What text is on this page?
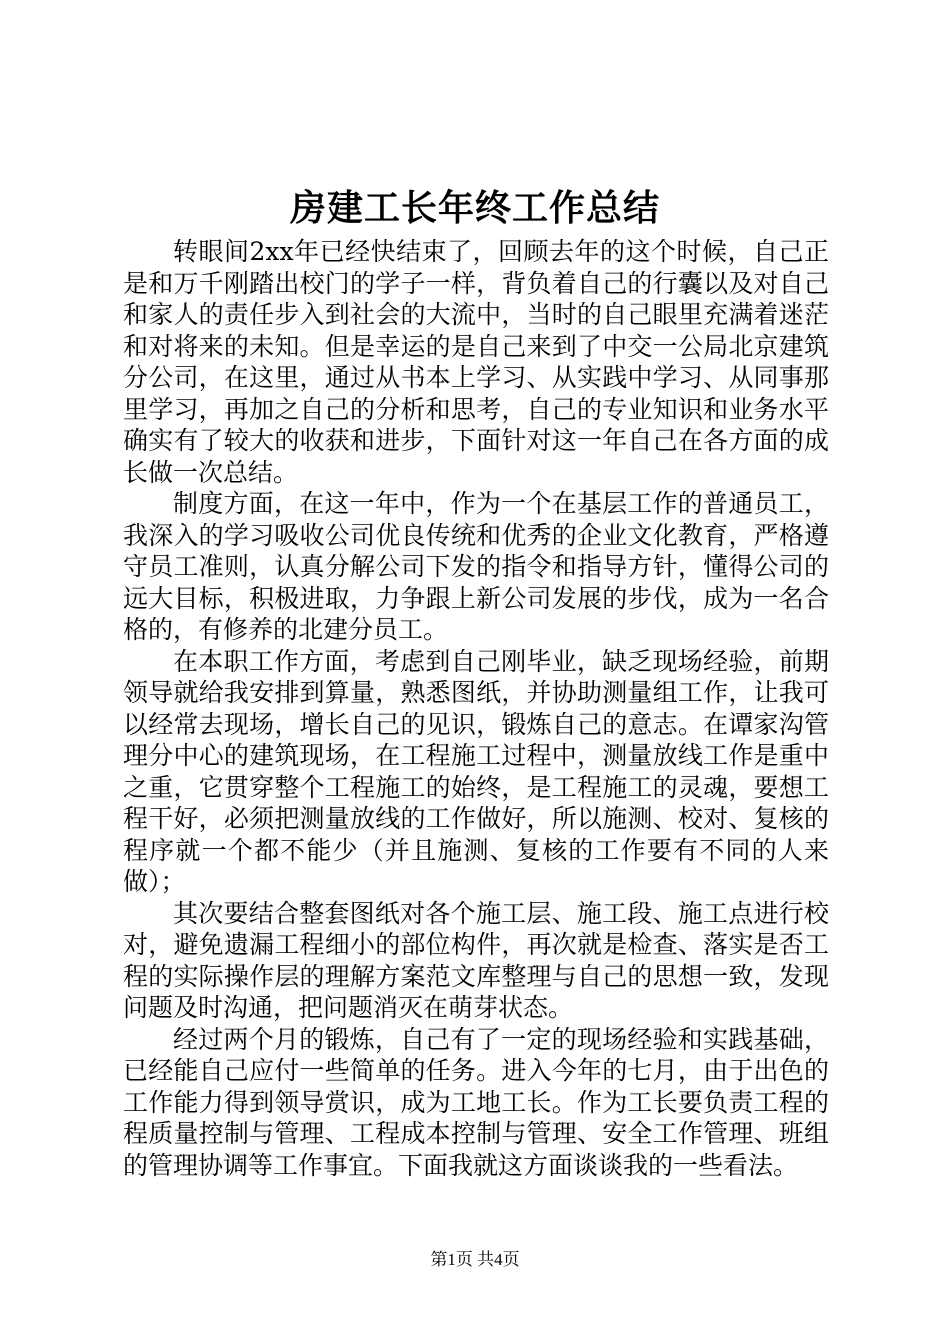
房建工长年终工作总结

转眼间2xx年已经快结束了，回顾去年的这个时候，自己正是和万千刚踏出校门的学子一样，背负着自己的行囊以及对自己和家人的责任步入到社会的大流中，当时的自己眼里充满着迷茫和对将来的未知。但是幸运的是自己来到了中交一公局北京建筑分公司，在这里，通过从书本上学习、从实践中学习、从同事那里学习，再加之自己的分析和思考，自己的专业知识和业务水平确实有了较大的收获和进步，下面针对这一年自己在各方面的成长做一次总结。

制度方面，在这一年中，作为一个在基层工作的普通员工，我深入的学习吸收公司优良传统和优秀的企业文化教育，严格遵守员工准则，认真分解公司下发的指令和指导方针，懂得公司的远大目标，积极进取，力争跟上新公司发展的步伐，成为一名合格的，有修养的北建分员工。

在本职工作方面，考虑到自己刚毕业，缺乏现场经验，前期领导就给我安排到算量，熟悉图纸，并协助测量组工作，让我可以经常去现场，增长自己的见识，锻炼自己的意志。在谭家沟管理分中心的建筑现场，在工程施工过程中，测量放线工作是重中之重，它贯穿整个工程施工的始终，是工程施工的灵魂，要想工程干好，必须把测量放线的工作做好，所以施测、校对、复核的程序就一个都不能少（并且施测、复核的工作要有不同的人来做）；

其次要结合整套图纸对各个施工层、施工段、施工点进行校对，避免遗漏工程细小的部位构件，再次就是检查、落实是否工程的实际操作层的理解方案范文库整理与自己的思想一致，发现问题及时沟通，把问题消灭在萌芽状态。

经过两个月的锻炼，自己有了一定的现场经验和实践基础，已经能自己应付一些简单的任务。进入今年的七月，由于出色的工作能力得到领导赏识，成为工地工长。作为工长要负责工程的程质量控制与管理、工程成本控制与管理、安全工作管理、班组的管理协调等工作事宜。下面我就这方面谈谈我的一些看法。

第1页 共4页
